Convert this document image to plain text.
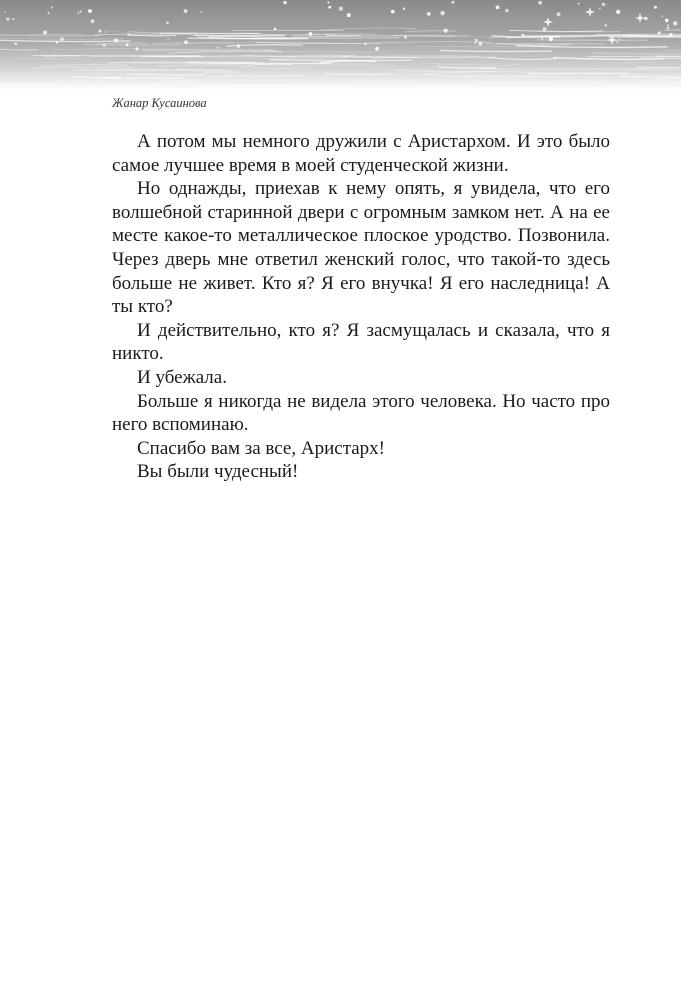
Жанар Кусаинова

А потом мы немного дружили с Аристархом. И это было самое лучшее время в моей студенческой жизни.

Но однажды, приехав к нему опять, я увидела, что его волшебной старинной двери с огромным замком нет. А на ее месте какое-то металлическое плоское уродство. Позвонила. Через дверь мне ответил женский голос, что такой-то здесь больше не живет. Кто я? Я его внучка! Я его наследница! А ты кто?

И действительно, кто я? Я засмущалась и сказала, что я никто.

И убежала.

Больше я никогда не видела этого человека. Но часто про него вспоминаю.

Спасибо вам за все, Аристарх!

Вы были чудесный!
